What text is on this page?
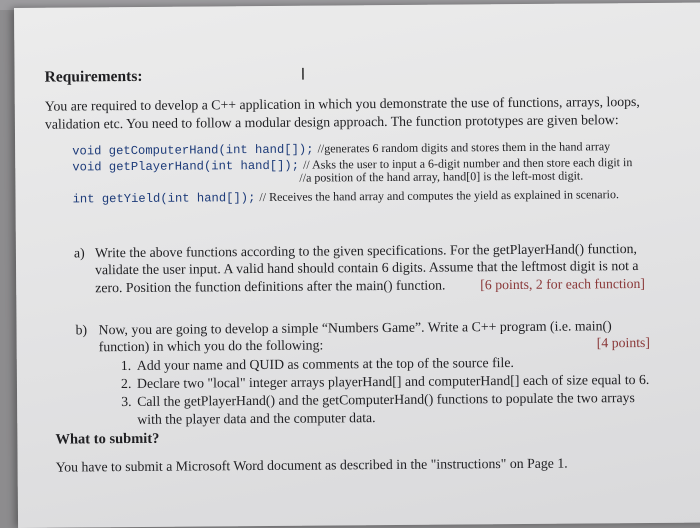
Requirements:	I
You are required to develop a C++ application in which you demonstrate the use of functions, arrays, loops,
validation etc. You need to follow a modular design approach. The function prototypes are given below:
void getComputerHand(int hand[]); //generates 6 random digits and stores them in the hand array
void getPlayerHand(int hand[]); // Asks the user to input a 6-digit number and then store each digit in
//a position of the hand array, hand[0] is the left-most digit.
int getYield(int hand[]); // Receives the hand array and computes the yield as explained in scenario.
a) Write the above functions according to the given specifications. For the getPlayerHand() function,
validate the user input. A valid hand should contain 6 digits. Assume that the leftmost digit is not a
zero. Position the function definitions after the main() function.	[6 points, 2 for each function]
b) Now, you are going to develop a simple “Numbers Game”. Write a C++ program (i.e. main()
function) in which you do the following:	[4 points]
1. Add your name and QUID as comments at the top of the source file.
2. Declare two "local" integer arrays playerHand[] and computerHand[] each of size equal to 6.
3. Call the getPlayerHand() and the getComputerHand() functions to populate the two arrays
with the player data and the computer data.
What to submit?
You have to submit a Microsoft Word document as described in the "instructions" on Page 1.
